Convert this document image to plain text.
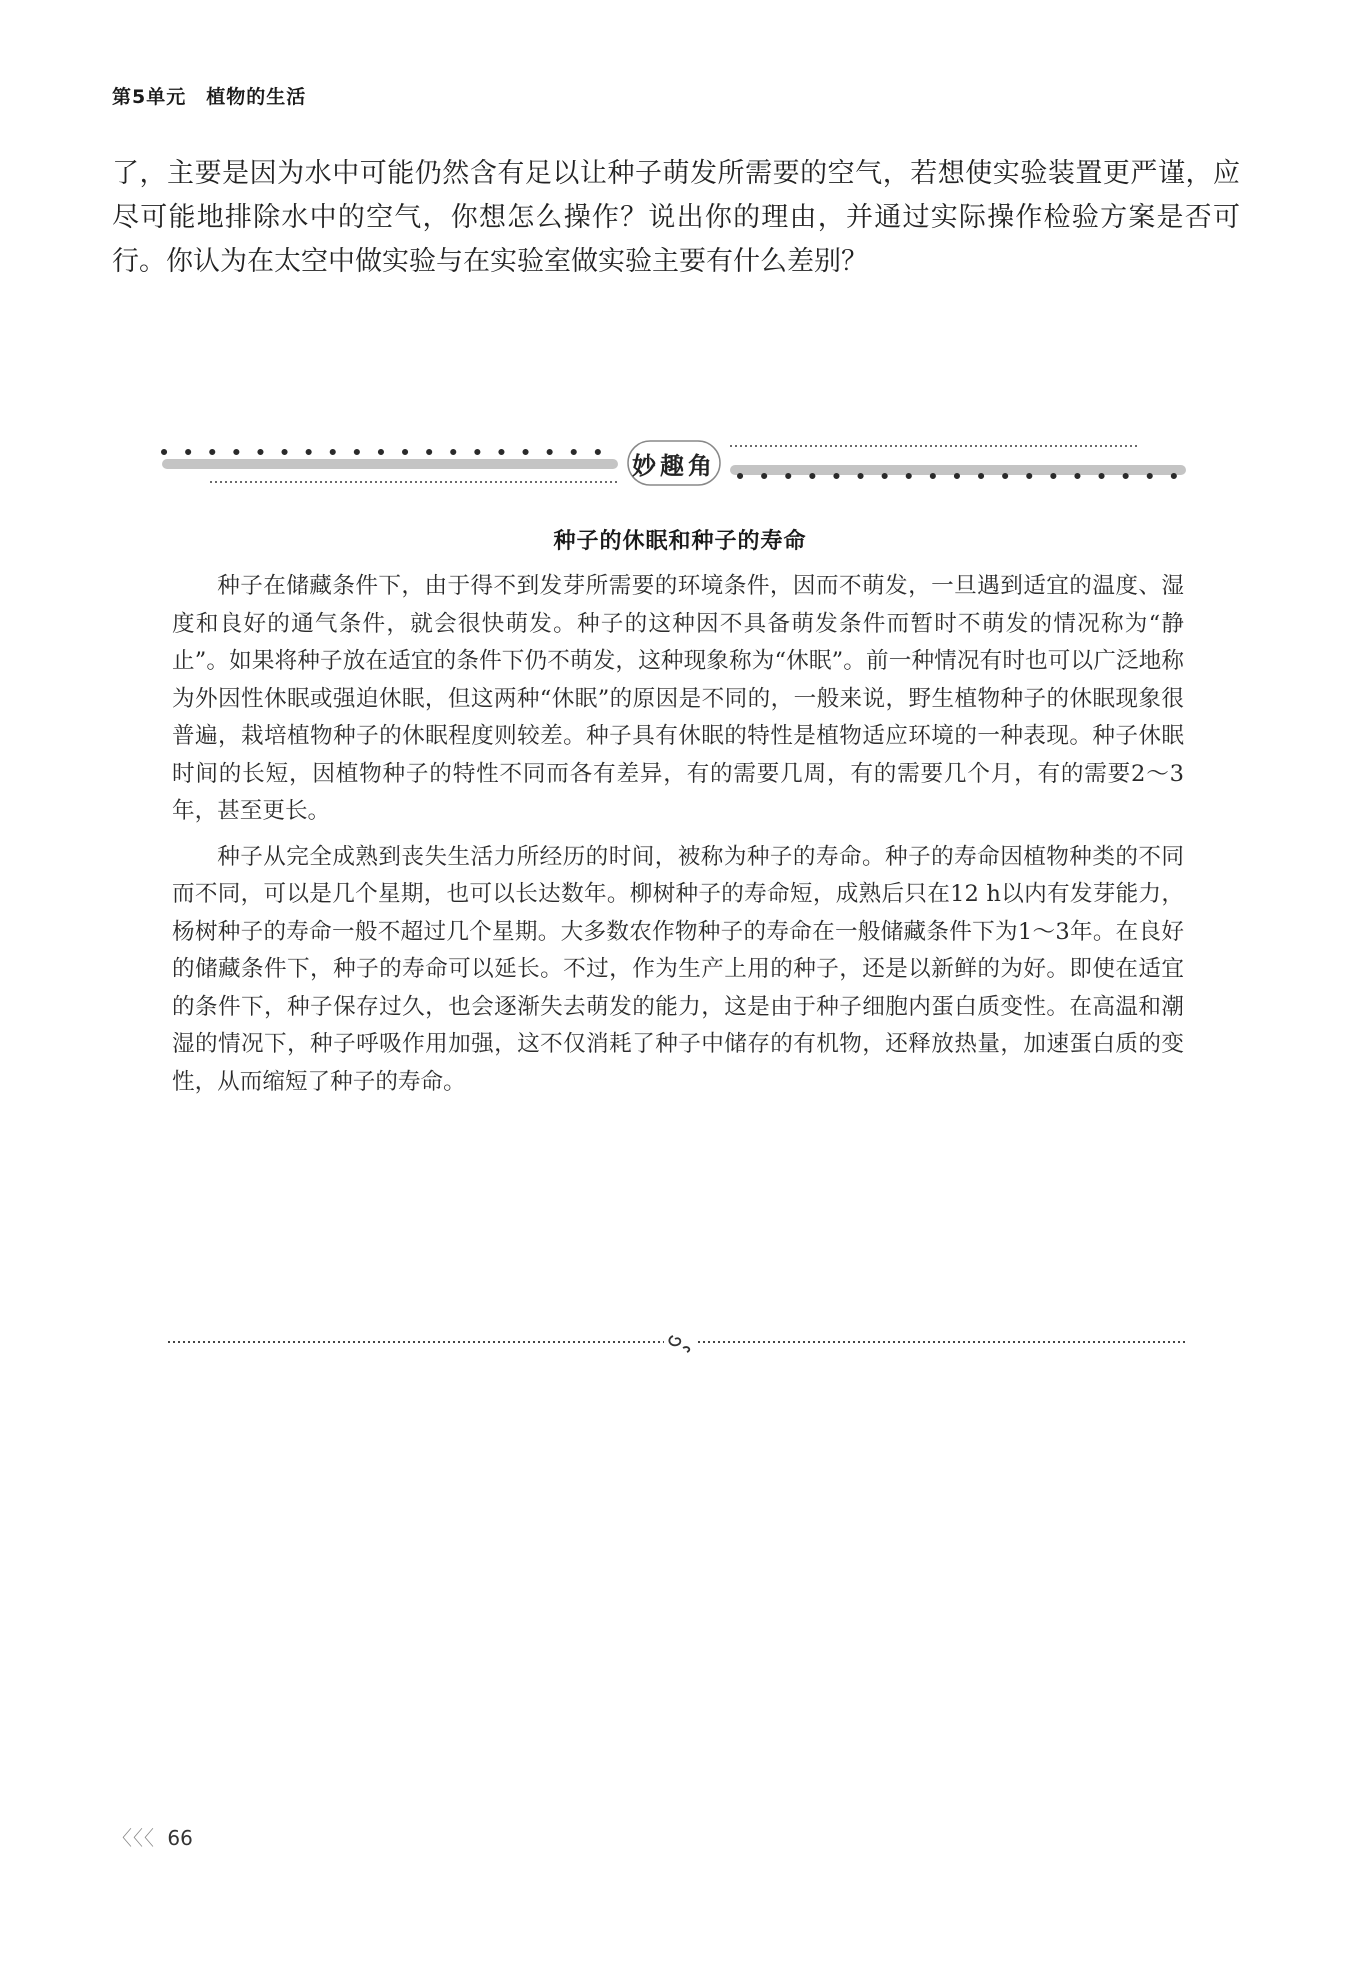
第5单元　植物的生活
了，主要是因为水中可能仍然含有足以让种子萌发所需要的空气，若想使实验装置更严谨，应尽可能地排除水中的空气，你想怎么操作？说出你的理由，并通过实际操作检验方案是否可行。你认为在太空中做实验与在实验室做实验主要有什么差别？
妙趣角
种子的休眠和种子的寿命

种子在储藏条件下，由于得不到发芽所需要的环境条件，因而不萌发，一旦遇到适宜的温度、湿度和良好的通气条件，就会很快萌发。种子的这种因不具备萌发条件而暂时不萌发的情况称为“静止”。如果将种子放在适宜的条件下仍不萌发，这种现象称为“休眠”。前一种情况有时也可以广泛地称为外因性休眠或强迫休眠，但这两种“休眠”的原因是不同的，一般来说，野生植物种子的休眠现象很普遍，栽培植物种子的休眠程度则较差。种子具有休眠的特性是植物适应环境的一种表现。种子休眠时间的长短，因植物种子的特性不同而各有差异，有的需要几周，有的需要几个月，有的需要2～3年，甚至更长。

种子从完全成熟到丧失生活力所经历的时间，被称为种子的寿命。种子的寿命因植物种类的不同而不同，可以是几个星期，也可以长达数年。柳树种子的寿命短，成熟后只在12 h以内有发芽能力，杨树种子的寿命一般不超过几个星期。大多数农作物种子的寿命在一般储藏条件下为1～3年。在良好的储藏条件下，种子的寿命可以延长。不过，作为生产上用的种子，还是以新鲜的为好。即使在适宜的条件下，种子保存过久，也会逐渐失去萌发的能力，这是由于种子细胞内蛋白质变性。在高温和潮湿的情况下，种子呼吸作用加强，这不仅消耗了种子中储存的有机物，还释放热量，加速蛋白质的变性，从而缩短了种子的寿命。

〈〈〈 66
